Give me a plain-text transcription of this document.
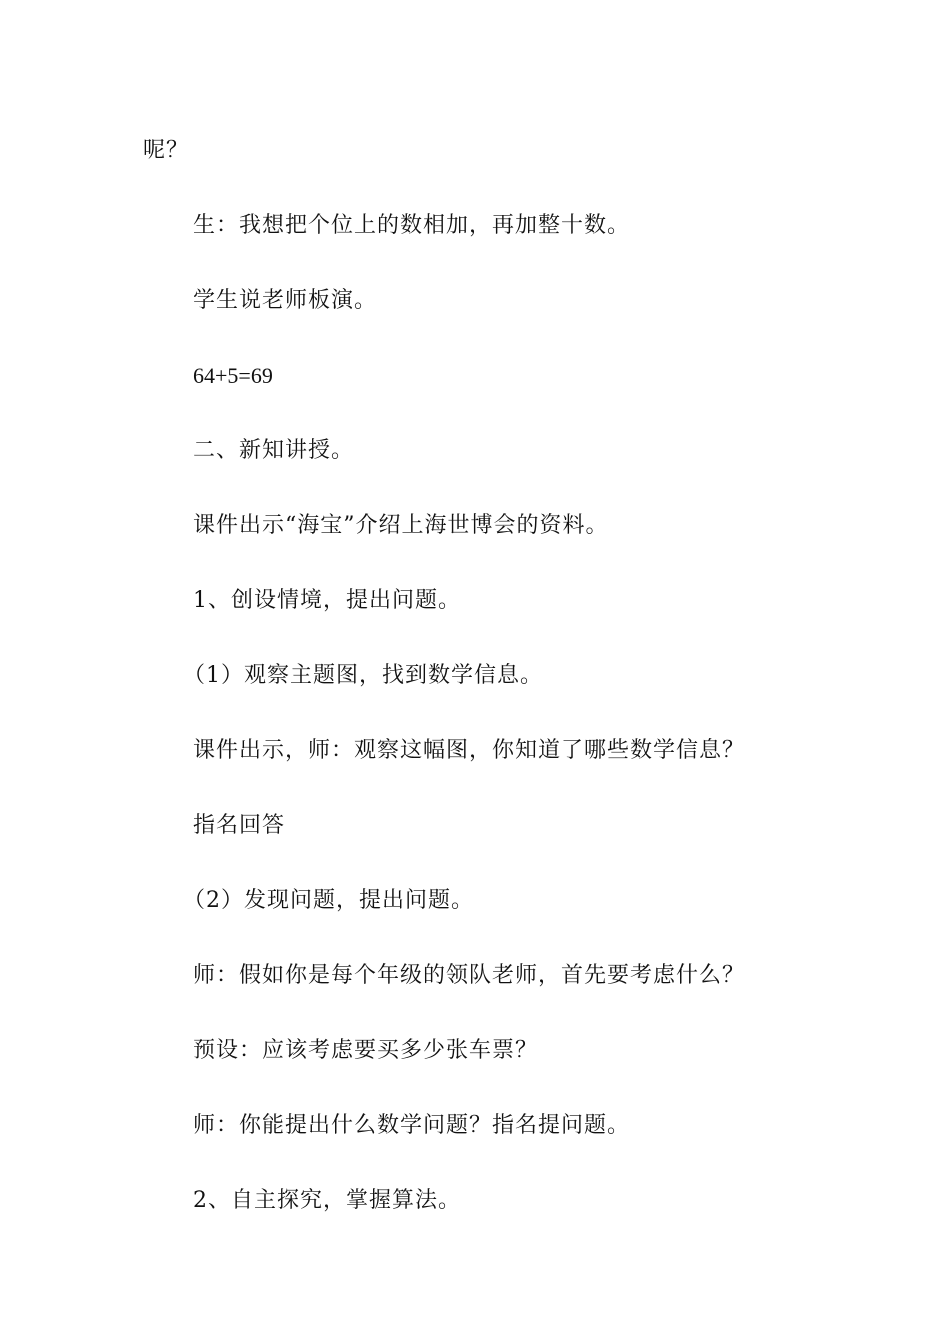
呢？
生：我想把个位上的数相加，再加整十数。
学生说老师板演。
64+5=69
二、新知讲授。
课件出示“海宝”介绍上海世博会的资料。
1、创设情境，提出问题。
（1）观察主题图，找到数学信息。
课件出示，师：观察这幅图，你知道了哪些数学信息？
指名回答
（2）发现问题，提出问题。
师：假如你是每个年级的领队老师，首先要考虑什么？
预设：应该考虑要买多少张车票？
师：你能提出什么数学问题？指名提问题。
2、自主探究，掌握算法。
